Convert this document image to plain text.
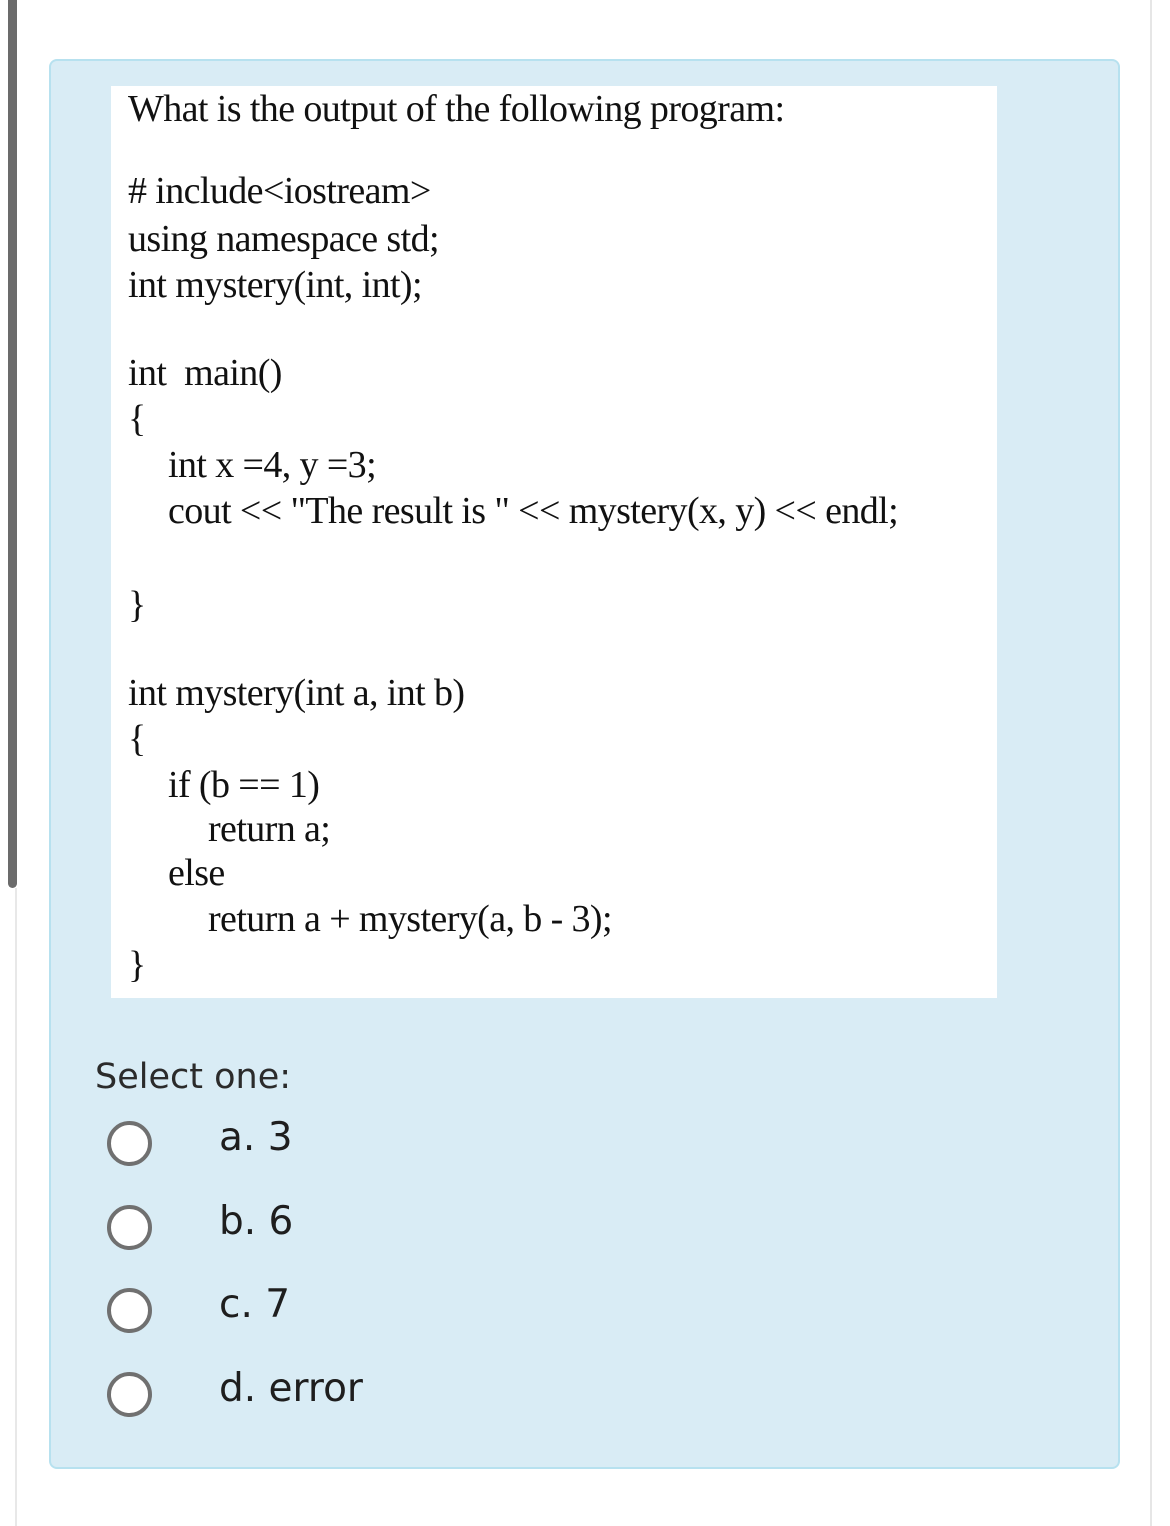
What is the output of the following program:
# include<iostream>
using namespace std;
int mystery(int, int);
int  main()
{
int x =4, y =3;
cout << "The result is " << mystery(x, y) << endl;
}
int mystery(int a, int b)
{
if (b == 1)
return a;
else
return a + mystery(a, b - 3);
}
Select one:
a. 3
b. 6
c. 7
d. error
